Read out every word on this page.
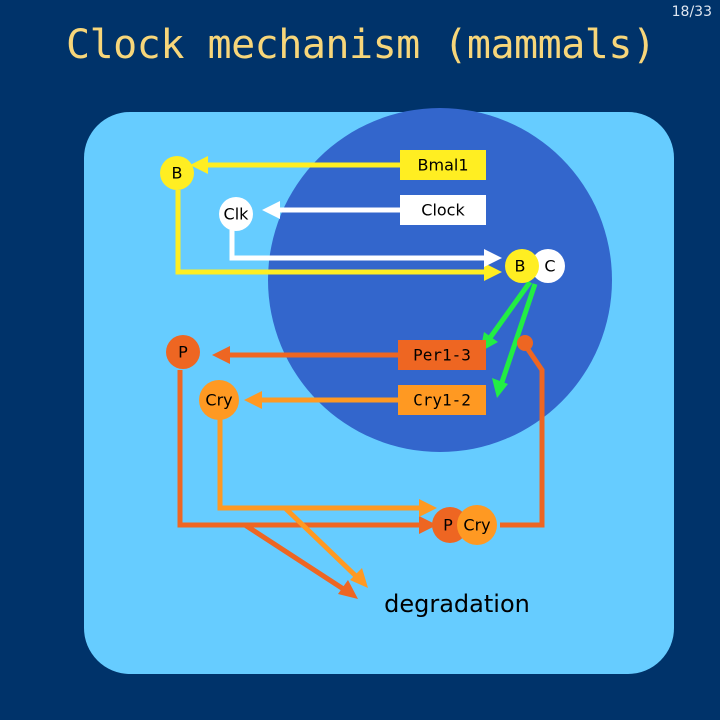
18/33
Clock mechanism (mammals)
Bmal1
Clock
Per1-3
Cry1-2
B
Clk
B C
P
Cry
P Cry
degradation
